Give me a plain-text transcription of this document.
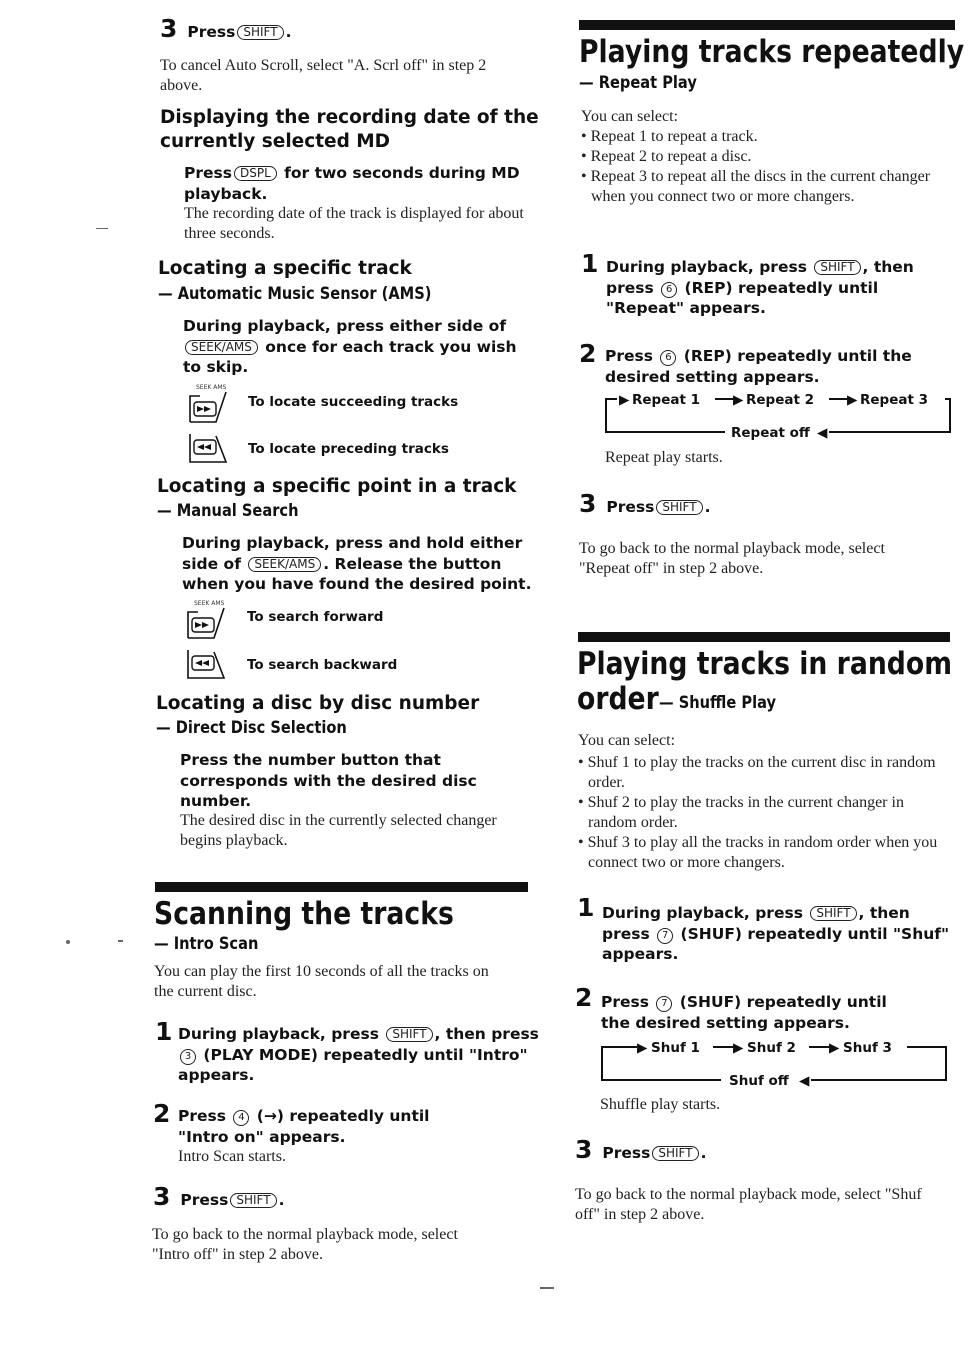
3 Press SHIFT .
To cancel Auto Scroll, select "A. Scrl off" in step 2 above.
Displaying the recording date of the currently selected MD
Press DSPL for two seconds during MD playback.
The recording date of the track is displayed for about three seconds.
Locating a specific track
— Automatic Music Sensor (AMS)
During playback, press either side of SEEK/AMS once for each track you wish to skip.
SEEK AMS
To locate succeeding tracks
To locate preceding tracks
Locating a specific point in a track
— Manual Search
During playback, press and hold either side of SEEK/AMS . Release the button when you have found the desired point.
SEEK AMS
To search forward
To search backward
Locating a disc by disc number
— Direct Disc Selection
Press the number button that corresponds with the desired disc number.
The desired disc in the currently selected changer begins playback.
Scanning the tracks
— Intro Scan
You can play the first 10 seconds of all the tracks on the current disc.
1 During playback, press SHIFT , then press 3 (PLAY MODE) repeatedly until "Intro" appears.
2 Press 4 (→) repeatedly until "Intro on" appears.
Intro Scan starts.
3 Press SHIFT .
To go back to the normal playback mode, select "Intro off" in step 2 above.
Playing tracks repeatedly
— Repeat Play
You can select:
• Repeat 1 to repeat a track.
• Repeat 2 to repeat a disc.
• Repeat 3 to repeat all the discs in the current changer when you connect two or more changers.
1 During playback, press SHIFT , then press 6 (REP) repeatedly until "Repeat" appears.
2 Press 6 (REP) repeatedly until the desired setting appears.
▶ Repeat 1 ▶ Repeat 2 ▶ Repeat 3
Repeat off ◀
Repeat play starts.
3 Press SHIFT .
To go back to the normal playback mode, select "Repeat off" in step 2 above.
Playing tracks in random
order — Shuffle Play
You can select:
• Shuf 1 to play the tracks on the current disc in random order.
• Shuf 2 to play the tracks in the current changer in random order.
• Shuf 3 to play all the tracks in random order when you connect two or more changers.
1 During playback, press SHIFT , then press 7 (SHUF) repeatedly until "Shuf" appears.
2 Press 7 (SHUF) repeatedly until the desired setting appears.
▶ Shuf 1 ▶ Shuf 2 ▶ Shuf 3
Shuf off ◀
Shuffle play starts.
3 Press SHIFT .
To go back to the normal playback mode, select "Shuf off" in step 2 above.
